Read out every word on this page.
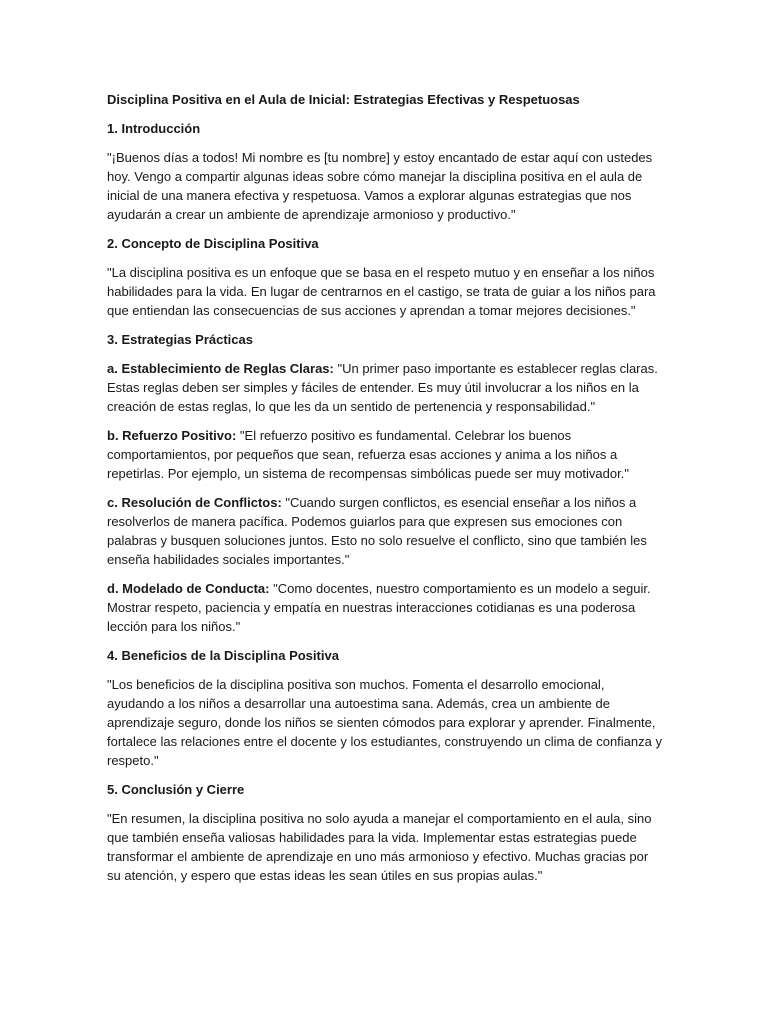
Disciplina Positiva en el Aula de Inicial: Estrategias Efectivas y Respetuosas
1. Introducción

"¡Buenos días a todos! Mi nombre es [tu nombre] y estoy encantado de estar aquí con ustedes hoy. Vengo a compartir algunas ideas sobre cómo manejar la disciplina positiva en el aula de inicial de una manera efectiva y respetuosa. Vamos a explorar algunas estrategias que nos ayudarán a crear un ambiente de aprendizaje armonioso y productivo."

2. Concepto de Disciplina Positiva

"La disciplina positiva es un enfoque que se basa en el respeto mutuo y en enseñar a los niños habilidades para la vida. En lugar de centrarnos en el castigo, se trata de guiar a los niños para que entiendan las consecuencias de sus acciones y aprendan a tomar mejores decisiones."

3. Estrategias Prácticas

a. Establecimiento de Reglas Claras: "Un primer paso importante es establecer reglas claras. Estas reglas deben ser simples y fáciles de entender. Es muy útil involucrar a los niños en la creación de estas reglas, lo que les da un sentido de pertenencia y responsabilidad."

b. Refuerzo Positivo: "El refuerzo positivo es fundamental. Celebrar los buenos comportamientos, por pequeños que sean, refuerza esas acciones y anima a los niños a repetirlas. Por ejemplo, un sistema de recompensas simbólicas puede ser muy motivador."

c. Resolución de Conflictos: "Cuando surgen conflictos, es esencial enseñar a los niños a resolverlos de manera pacífica. Podemos guiarlos para que expresen sus emociones con palabras y busquen soluciones juntos. Esto no solo resuelve el conflicto, sino que también les enseña habilidades sociales importantes."

d. Modelado de Conducta: "Como docentes, nuestro comportamiento es un modelo a seguir. Mostrar respeto, paciencia y empatía en nuestras interacciones cotidianas es una poderosa lección para los niños."

4. Beneficios de la Disciplina Positiva

"Los beneficios de la disciplina positiva son muchos. Fomenta el desarrollo emocional, ayudando a los niños a desarrollar una autoestima sana. Además, crea un ambiente de aprendizaje seguro, donde los niños se sienten cómodos para explorar y aprender. Finalmente, fortalece las relaciones entre el docente y los estudiantes, construyendo un clima de confianza y respeto."

5. Conclusión y Cierre

"En resumen, la disciplina positiva no solo ayuda a manejar el comportamiento en el aula, sino que también enseña valiosas habilidades para la vida. Implementar estas estrategias puede transformar el ambiente de aprendizaje en uno más armonioso y efectivo. Muchas gracias por su atención, y espero que estas ideas les sean útiles en sus propias aulas."
